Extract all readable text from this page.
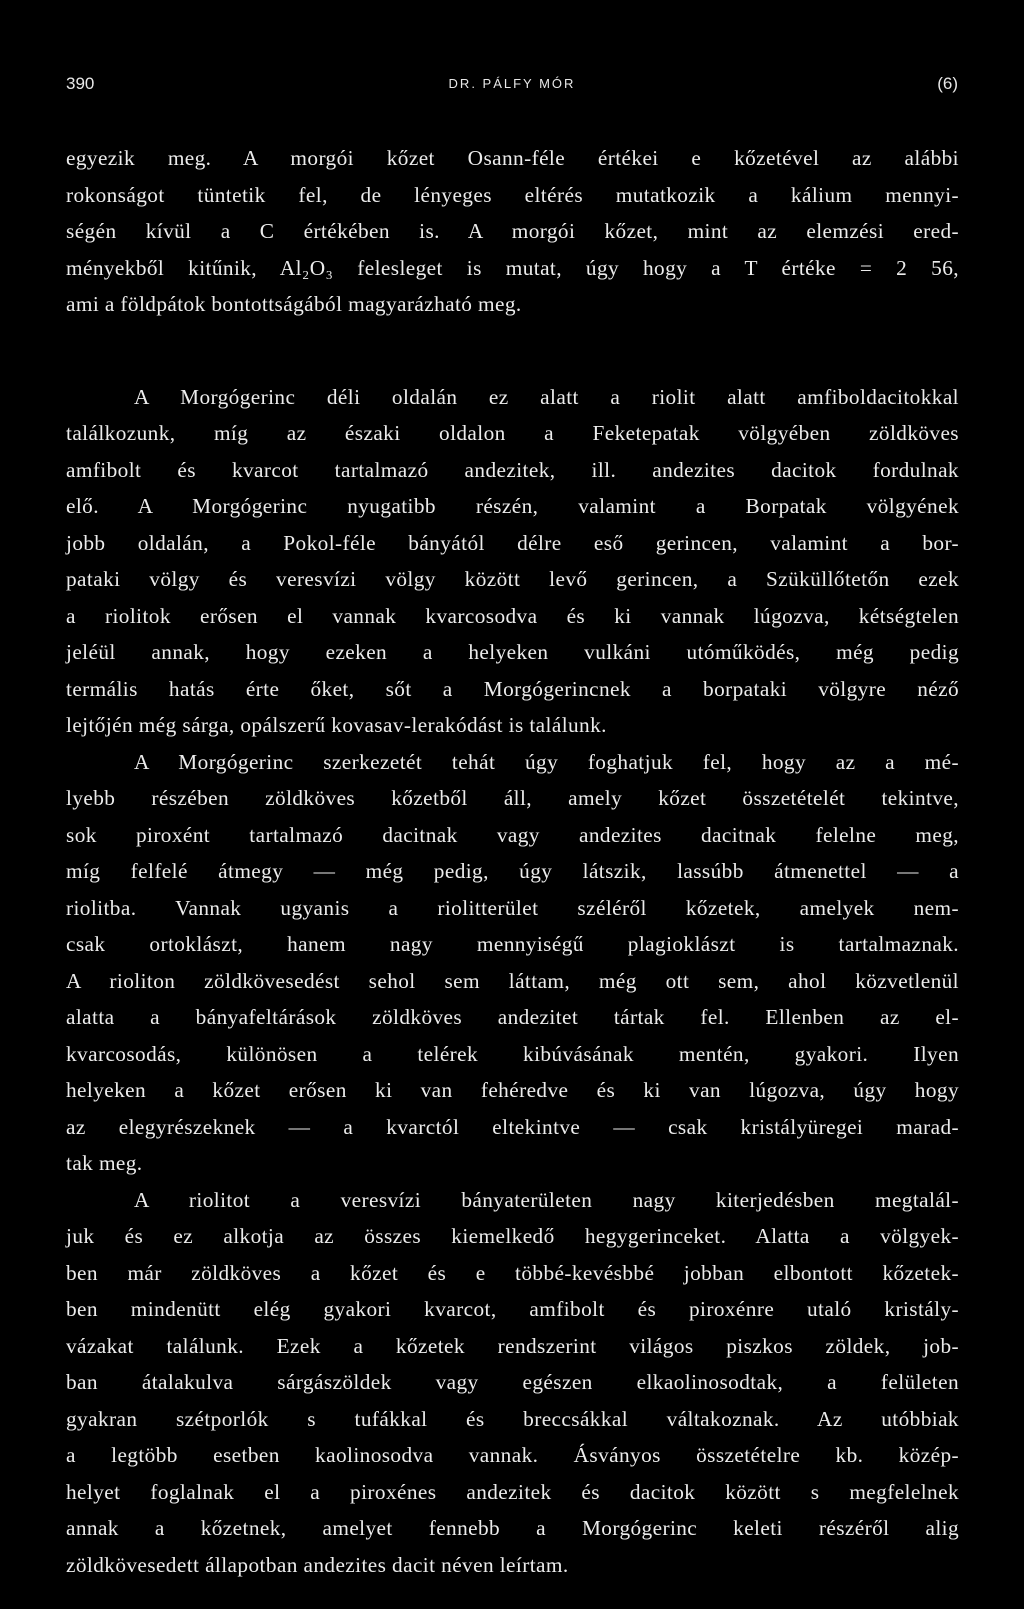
390	DR. PÁLFY MÓR	(6)
egyezik meg. A morgói kőzet Osann-féle értékei e kőzetével az alábbi
rokonságot tüntetik fel, de lényeges eltérés mutatkozik a kálium mennyi-
ségén kívül a C értékében is. A morgói kőzet, mint az elemzési ered-
ményekből kitűnik, Al₂O₃ felesleget is mutat, úgy hogy a T értéke = 2 56,
ami a földpátok bontottságából magyarázható meg.
A Morgógerinc déli oldalán ez alatt a riolit alatt amfiboldacitokkal
találkozunk, míg az északi oldalon a Feketepatak völgyében zöldköves
amfibolt és kvarcot tartalmazó andezitek, ill. andezites dacitok fordulnak
elő. A Morgógerinc nyugatibb részén, valamint a Borpatak völgyének
jobb oldalán, a Pokol-féle bányától délre eső gerincen, valamint a bor-
pataki völgy és veresvízi völgy között levő gerincen, a Szüküllőtetőn ezek
a riolitok erősen el vannak kvarcosodva és ki vannak lúgozva, kétségtelen
jeléül annak, hogy ezeken a helyeken vulkáni utóműködés, még pedig
termális hatás érte őket, sőt a Morgógerincnek a borpataki völgyre néző
lejtőjén még sárga, opálszerű kovasav-lerakódást is találunk.
A Morgógerinc szerkezetét tehát úgy foghatjuk fel, hogy az a mé-
lyebb részében zöldköves kőzetből áll, amely kőzet összetételét tekintve,
sok piroxént tartalmazó dacitnak vagy andezites dacitnak felelne meg,
míg felfelé átmegy — még pedig, úgy látszik, lassúbb átmenettel — a
riolitba. Vannak ugyanis a riolitterület széléről kőzetek, amelyek nem-
csak ortoklászt, hanem nagy mennyiségű plagioklászt is tartalmaznak.
A rioliton zöldkövesedést sehol sem láttam, még ott sem, ahol közvetlenül
alatta a bányafeltárások zöldköves andezitet tártak fel. Ellenben az el-
kvarcosodás, különösen a telérek kibúvásának mentén, gyakori. Ilyen
helyeken a kőzet erősen ki van fehéredve és ki van lúgozva, úgy hogy
az elegyrészeknek — a kvarctól eltekintve — csak kristályüregei marad-
tak meg.
A riolitot a veresvízi bányaterületen nagy kiterjedésben megtalál-
juk és ez alkotja az összes kiemelkedő hegygerinceket. Alatta a völgyek-
ben már zöldköves a kőzet és e többé-kevésbbé jobban elbontott kőzetek-
ben mindenütt elég gyakori kvarcot, amfibolt és piroxénre utaló kristály-
vázakat találunk. Ezek a kőzetek rendszerint világos piszkos zöldek, job-
ban átalakulva sárgászöldek vagy egészen elkaolinosodtak, a felületen
gyakran szétporlók s tufákkal és breccsákkal váltakoznak. Az utóbbiak
a legtöbb esetben kaolinosodva vannak. Ásványos összetételre kb. közép-
helyet foglalnak el a piroxénes andezitek és dacitok között s megfelelnek
annak a kőzetnek, amelyet fennebb a Morgógerinc keleti részéről alig
zöldkövesedett állapotban andezites dacit néven leírtam.
